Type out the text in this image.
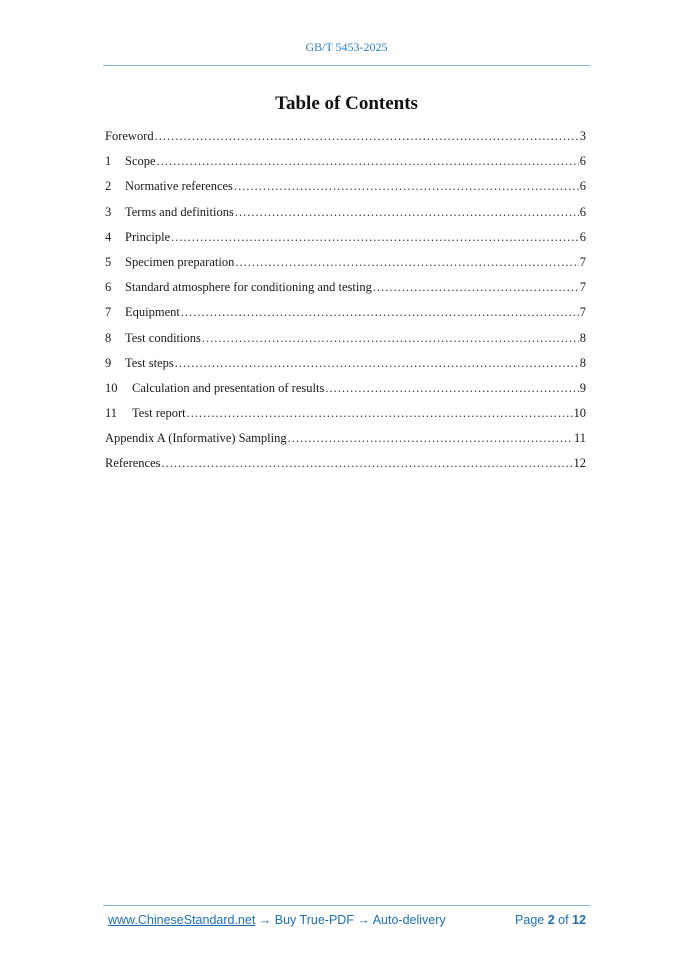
GB/T 5453-2025
Table of Contents
Foreword .....	3
1	Scope .....	6
2	Normative references .....	6
3	Terms and definitions .....	6
4	Principle .....	6
5	Specimen preparation .....	7
6	Standard atmosphere for conditioning and testing .....	7
7	Equipment .....	7
8	Test conditions .....	8
9	Test steps .....	8
10	Calculation and presentation of results .....	9
11	Test report .....	10
Appendix A (Informative) Sampling .....	11
References .....	12
www.ChineseStandard.net → Buy True-PDF → Auto-delivery	Page 2 of 12
